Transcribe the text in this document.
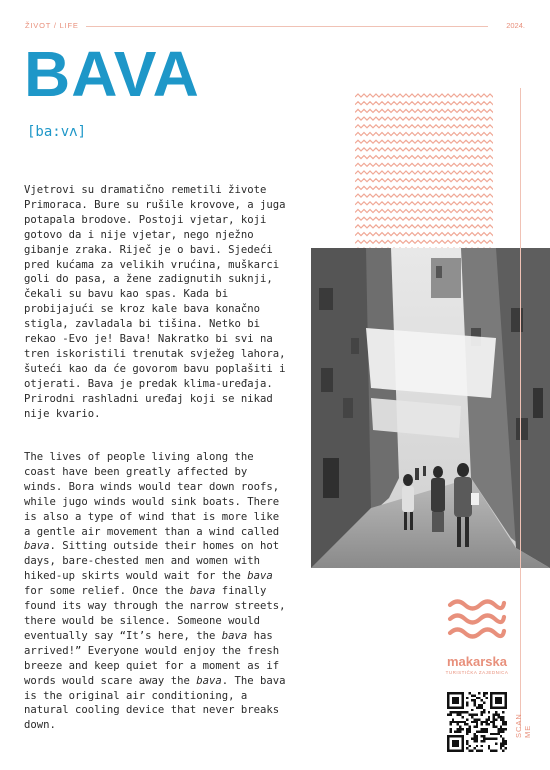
ŽIVOT / LIFE	2024.
BAVA
[ba:vʌ]

Vjetrovi su dramatično remetili živote Primoraca. Bure su rušile krovove, a juga potapala brodove. Postoji vjetar, koji gotovo da i nije vjetar, nego nježno gibanje zraka. Riječ je o bavi. Sjedeći pred kućama za velikih vrućina, muškarci goli do pasa, a žene zadignutih suknji, čekali su bavu kao spas. Kada bi probijajući se kroz kale bava konačno stigla, zavladala bi tišina. Netko bi rekao -Evo je! Bava! Nakratko bi svi na tren iskoristili trenutak svježeg lahora, šuteći kao da će govorom bavu poplašiti i otjerati. Bava je predak klima-uređaja. Prirodni rashladni uređaj koji se nikad nije kvario.

The lives of people living along the coast have been greatly affected by winds. Bora winds would tear down roofs, while jugo winds would sink boats. There is also a type of wind that is more like a gentle air movement than a wind called bava. Sitting outside their homes on hot days, bare-chested men and women with hiked-up skirts would wait for the bava for some relief. Once the bava finally found its way through the narrow streets, there would be silence. Someone would eventually say “It’s here, the bava has arrived!” Everyone would enjoy the fresh breeze and keep quiet for a moment as if words would scare away the bava. The bava is the original air conditioning, a natural cooling device that never breaks down.

makarska
TURISTIČKA ZAJEDNICA
SCAN ME
